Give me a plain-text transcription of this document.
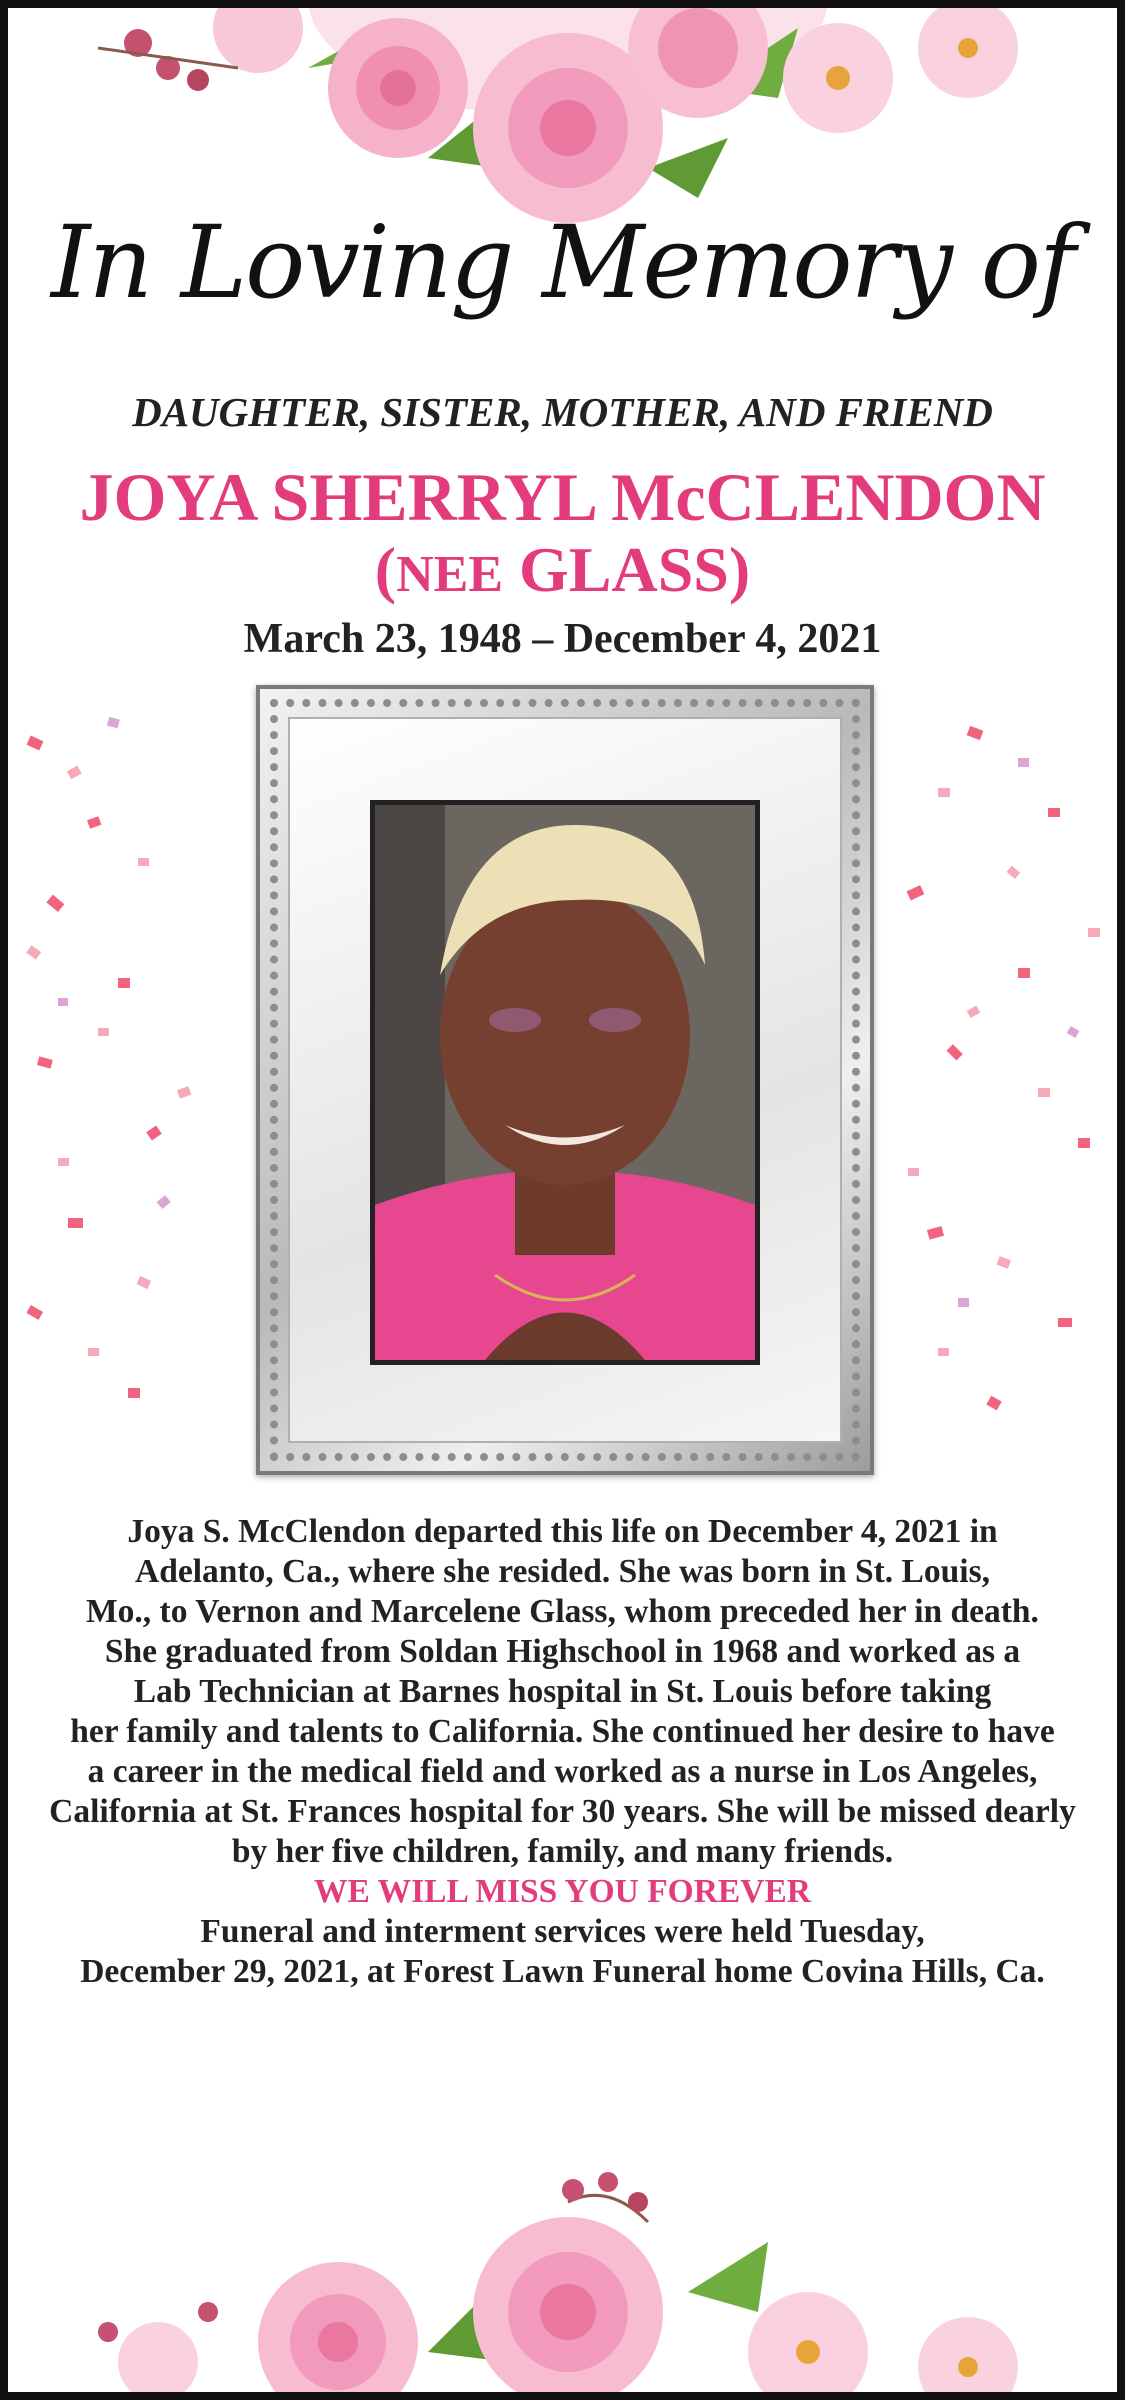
In Loving Memory of
DAUGHTER, SISTER, MOTHER, AND FRIEND
JOYA SHERRYL McCLENDON
(NEE GLASS)
March 23, 1948 – December 4, 2021
Joya S. McClendon departed this life on December 4, 2021 in
Adelanto, Ca., where she resided. She was born in St. Louis,
Mo., to Vernon and Marcelene Glass, whom preceded her in death.
She graduated from Soldan Highschool in 1968 and worked as a
Lab Technician at Barnes hospital in St. Louis before taking
her family and talents to California. She continued her desire to have
a career in the medical field and worked as a nurse in Los Angeles,
California at St. Frances hospital for 30 years. She will be missed dearly
by her five children, family, and many friends.
WE WILL MISS YOU FOREVER
Funeral and interment services were held Tuesday,
December 29, 2021, at Forest Lawn Funeral home Covina Hills, Ca.
